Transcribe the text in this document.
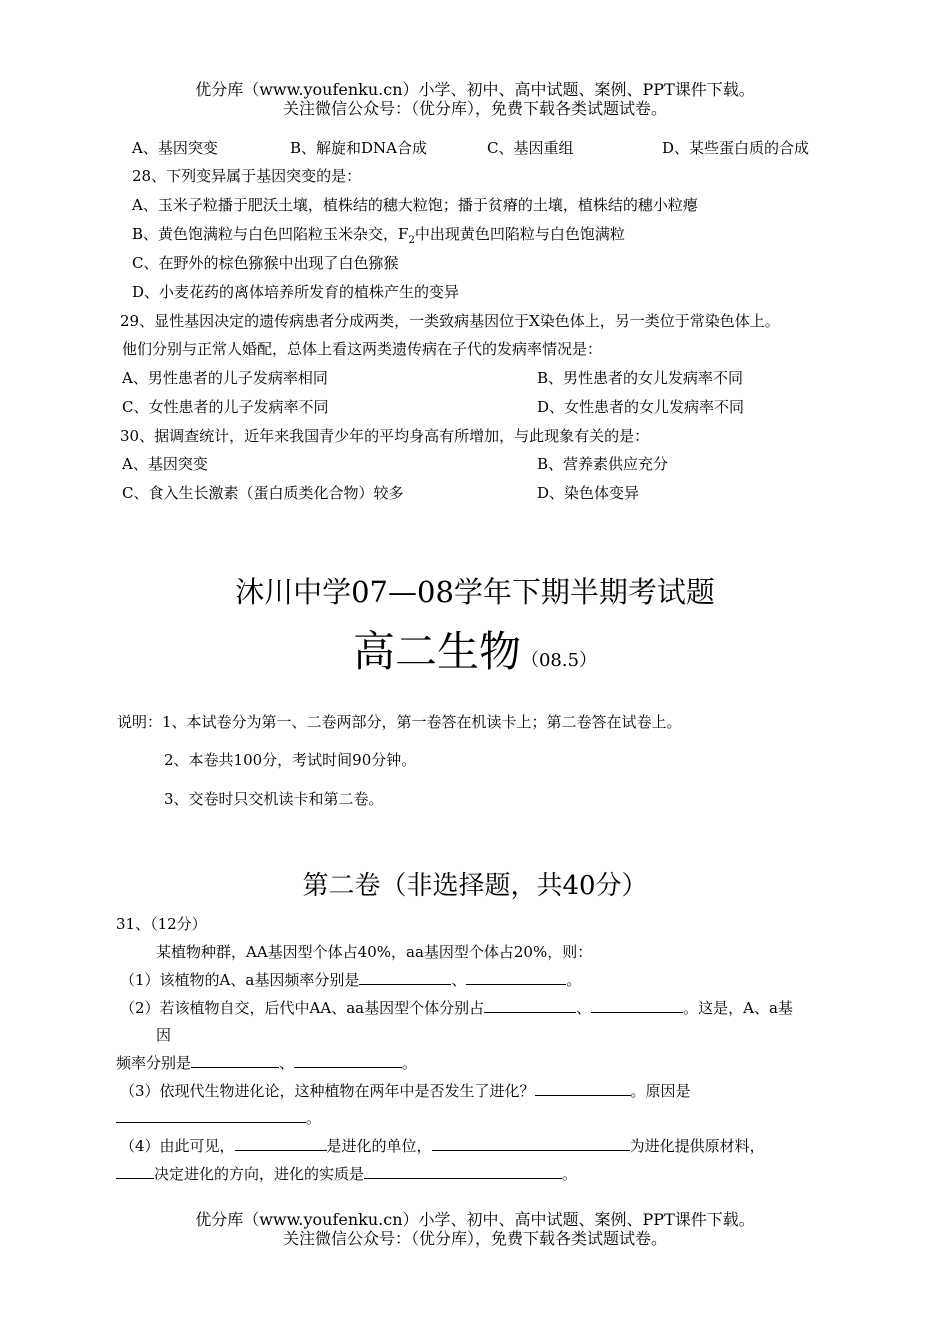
优分库（www.youfenku.cn）小学、初中、高中试题、案例、PPT课件下载。
关注微信公众号：（优分库），免费下载各类试题试卷。
A、基因突变	B、解旋和DNA合成	C、基因重组	D、某些蛋白质的合成
28、下列变异属于基因突变的是：
A、玉米子粒播于肥沃土壤，植株结的穗大粒饱；播于贫瘠的土壤，植株结的穗小粒瘪
B、黄色饱满粒与白色凹陷粒玉米杂交，$F_2$中出现黄色凹陷粒与白色饱满粒
C、在野外的棕色猕猴中出现了白色猕猴
D、小麦花药的离体培养所发育的植株产生的变异
29、显性基因决定的遗传病患者分成两类，一类致病基因位于X染色体上，另一类位于常染色体上。
他们分别与正常人婚配，总体上看这两类遗传病在子代的发病率情况是：
A、男性患者的儿子发病率相同	B、男性患者的女儿发病率不同
C、女性患者的儿子发病率不同	D、女性患者的女儿发病率不同
30、据调查统计，近年来我国青少年的平均身高有所增加，与此现象有关的是：
A、基因突变	B、营养素供应充分
C、食入生长激素（蛋白质类化合物）较多	D、染色体变异
沐川中学07—08学年下期半期考试题
高二生物（08.5）
说明：1、本试卷分为第一、二卷两部分，第一卷答在机读卡上；第二卷答在试卷上。
2、本卷共100分，考试时间90分钟。
3、交卷时只交机读卡和第二卷。
第二卷（非选择题，共40分）
31、（12分）
某植物种群，AA基因型个体占40%，aa基因型个体占20%，则：
（1）该植物的A、a基因频率分别是	、	。
（2）若该植物自交，后代中AA、aa基因型个体分别占	、	。这是，A、a基
因
频率分别是	、	。
（3）依现代生物进化论，这种植物在两年中是否发生了进化？	。原因是
。
（4）由此可见，	是进化的单位，	为进化提供原材料，
决定进化的方向，进化的实质是	。
优分库（www.youfenku.cn）小学、初中、高中试题、案例、PPT课件下载。
关注微信公众号：（优分库），免费下载各类试题试卷。
